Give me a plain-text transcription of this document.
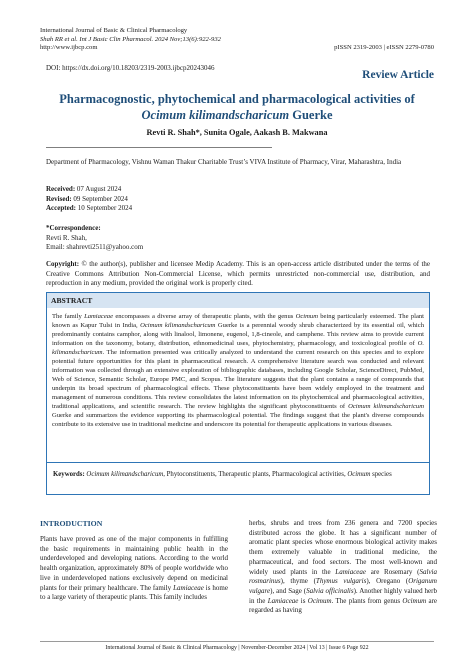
International Journal of Basic & Clinical Pharmacology
Shah RR et al. Int J Basic Clin Pharmacol. 2024 Nov;13(6):922-932
http://www.ijbcp.com	pISSN 2319-2003 | eISSN 2279-0780
DOI: https://dx.doi.org/10.18203/2319-2003.ijbcp20243046
Review Article
Pharmacognostic, phytochemical and pharmacological activities of
Ocimum kilimandscharicum Guerke
Revti R. Shah*, Sunita Ogale, Aakash B. Makwana
Department of Pharmacology, Vishnu Waman Thakur Charitable Trust’s VIVA Institute of Pharmacy, Virar, Maharashtra, India
Received: 07 August 2024
Revised: 09 September 2024
Accepted: 10 September 2024
*Correspondence:
Revti R. Shah,
Email: shahrevti2511@yahoo.com
Copyright: © the author(s), publisher and licensee Medip Academy. This is an open-access article distributed under the terms of the Creative Commons Attribution Non-Commercial License, which permits unrestricted non-commercial use, distribution, and reproduction in any medium, provided the original work is properly cited.
ABSTRACT
The family Lamiaceae encompasses a diverse array of therapeutic plants, with the genus Ocimum being particularly esteemed. The plant known as Kapur Tulsi in India, Ocimum kilimandscharicum Guerke is a perennial woody shrub characterized by its essential oil, which predominantly contains camphor, along with linalool, limonene, eugenol, 1,8-cineole, and camphene. This review aims to provide current information on the taxonomy, botany, distribution, ethnomedicinal uses, phytochemistry, pharmacology, and toxicological profile of O. kilimandscharicum. The information presented was critically analyzed to understand the current research on this species and to explore potential future opportunities for this plant in pharmaceutical research. A comprehensive literature search was conducted and relevant information was collected through an extensive exploration of bibliographic databases, including Google Scholar, ScienceDirect, PubMed, Web of Science, Semantic Scholar, Europe PMC, and Scopus. The literature suggests that the plant contains a range of compounds that underpin its broad spectrum of pharmacological effects. These phytoconstituents have been widely employed in the treatment and management of numerous conditions. This review consolidates the latest information on its phytochemical and pharmacological activities, traditional applications, and scientific research. The review highlights the significant phytoconstituents of Ocimum kilimandscharicum Guerke and summarizes the evidence supporting its pharmacological potential. The findings suggest that the plant's diverse compounds contribute to its extensive use in traditional medicine and underscore its potential for therapeutic applications in various diseases.
Keywords: Ocimum kilimandscharicum, Phytoconstituents, Therapeutic plants, Pharmacological activities, Ocimum species
INTRODUCTION
Plants have proved as one of the major components in fulfilling the basic requirements in maintaining public health in the underdeveloped and developing nations. According to the world health organization, approximately 80% of people worldwide who live in underdeveloped nations exclusively depend on medicinal plants for their primary healthcare. The family Lamiaceae is home to a large variety of therapeutic plants. This family includes
herbs, shrubs and trees from 236 genera and 7200 species distributed across the globe. It has a significant number of aromatic plant species whose enormous biological activity makes them extremely valuable in traditional medicine, the pharmaceutical, and food sectors. The most well-known and widely used plants in the Lamiaceae are Rosemary (Salvia rosmarinus), thyme (Thymus vulgaris), Oregano (Origanum vulgare), and Sage (Salvia officinalis). Another highly valued herb in the Lamiaceae is Ocimum. The plants from genus Ocimum are regarded as having
International Journal of Basic & Clinical Pharmacology | November-December 2024 | Vol 13 | Issue 6 Page 922
